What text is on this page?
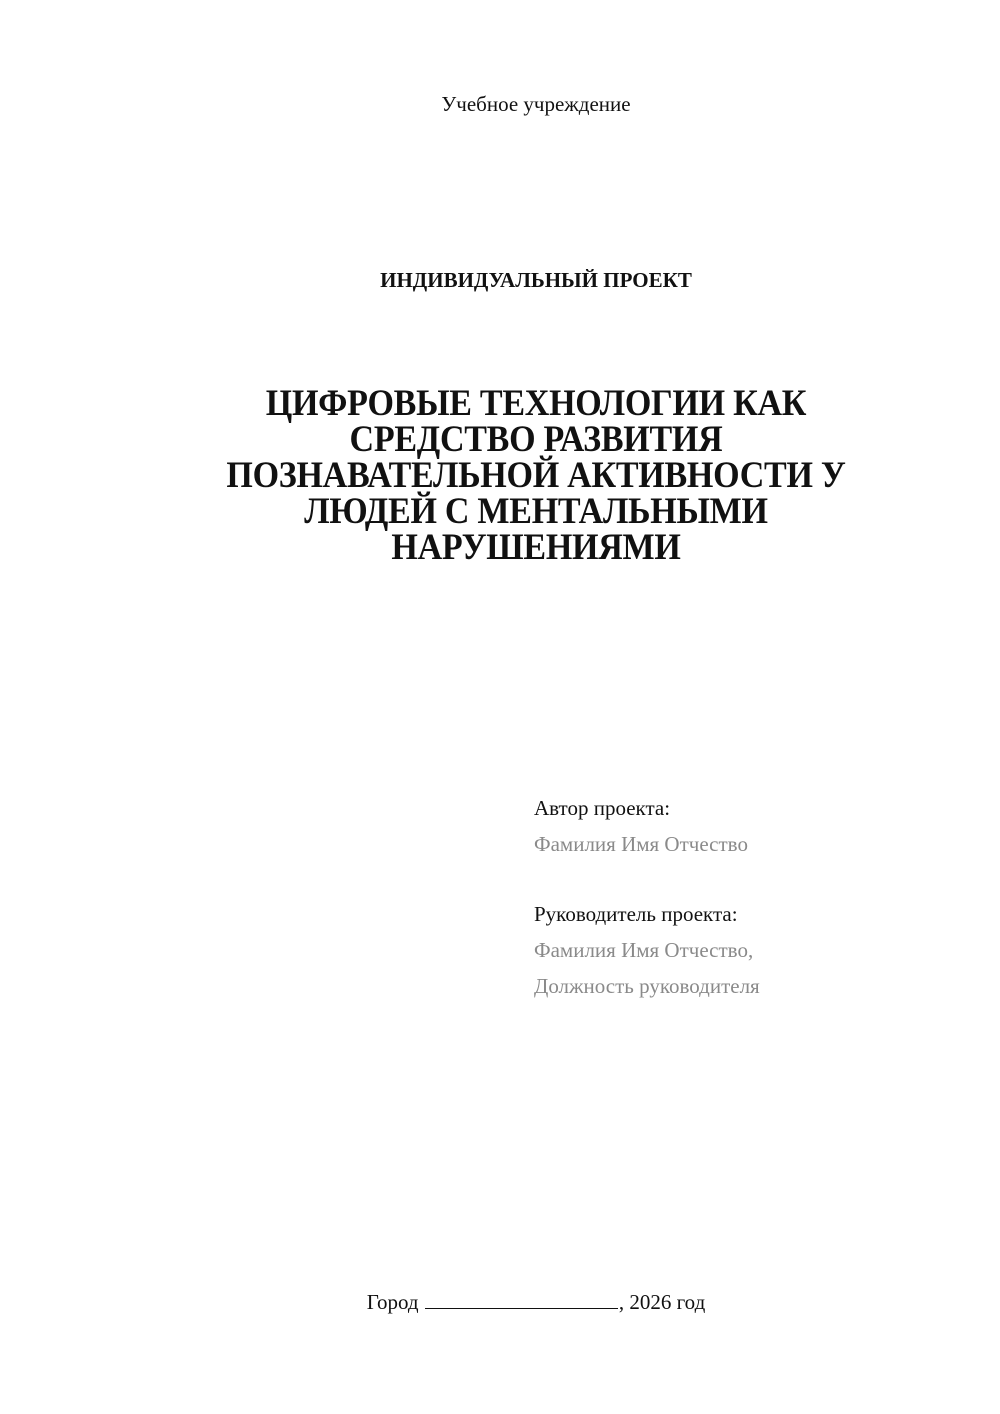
Учебное учреждение
ИНДИВИДУАЛЬНЫЙ ПРОЕКТ
ЦИФРОВЫЕ ТЕХНОЛОГИИ КАК
СРЕДСТВО РАЗВИТИЯ
ПОЗНАВАТЕЛЬНОЙ АКТИВНОСТИ У
ЛЮДЕЙ С МЕНТАЛЬНЫМИ
НАРУШЕНИЯМИ
Автор проекта:
Фамилия Имя Отчество
Руководитель проекта:
Фамилия Имя Отчество,
Должность руководителя
Город	, 2026 год
